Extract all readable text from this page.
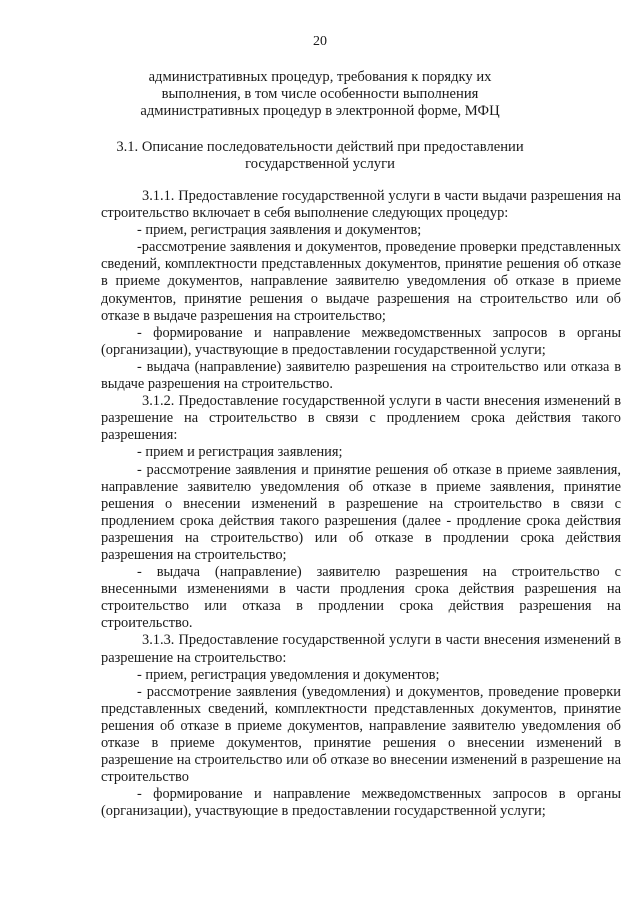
20

административных процедур, требования к порядку их

выполнения, в том числе особенности выполнения

административных процедур в электронной форме, МФЦ

3.1. Описание последовательности действий при предоставлении

государственной услуги

3.1.1. Предоставление государственной услуги в части выдачи разрешения на строительство включает в себя выполнение следующих процедур:

- прием, регистрация заявления и документов;

-рассмотрение заявления и документов, проведение проверки представленных сведений, комплектности представленных документов, принятие решения об отказе в приеме документов, направление заявителю уведомления об отказе в приеме документов, принятие решения о выдаче разрешения на строительство или об отказе в выдаче разрешения на строительство;

- формирование и направление межведомственных запросов в органы (организации), участвующие в предоставлении государственной услуги;

- выдача (направление) заявителю разрешения на строительство или отказа в выдаче разрешения на строительство.

3.1.2. Предоставление государственной услуги в части внесения изменений в разрешение на строительство в связи с продлением срока действия такого разрешения:

- прием и регистрация заявления;

- рассмотрение заявления и принятие решения об отказе в приеме заявления, направление заявителю уведомления об отказе в приеме заявления, принятие решения о внесении изменений в разрешение на строительство в связи с продлением срока действия такого разрешения (далее - продление срока действия разрешения на строительство) или об отказе в продлении срока действия разрешения на строительство;

- выдача (направление) заявителю разрешения на строительство с внесенными изменениями в части продления срока действия разрешения на строительство или отказа в продлении срока действия разрешения на строительство.

3.1.3. Предоставление государственной услуги в части внесения изменений в разрешение на строительство:

- прием, регистрация уведомления и документов;

- рассмотрение заявления (уведомления) и документов, проведение проверки представленных сведений, комплектности представленных документов, принятие решения об отказе в приеме документов, направление заявителю уведомления об отказе в приеме документов, принятие решения о внесении изменений в разрешение на строительство или об отказе во внесении изменений в разрешение на строительство

- формирование и направление межведомственных запросов в органы (организации), участвующие в предоставлении государственной услуги;
